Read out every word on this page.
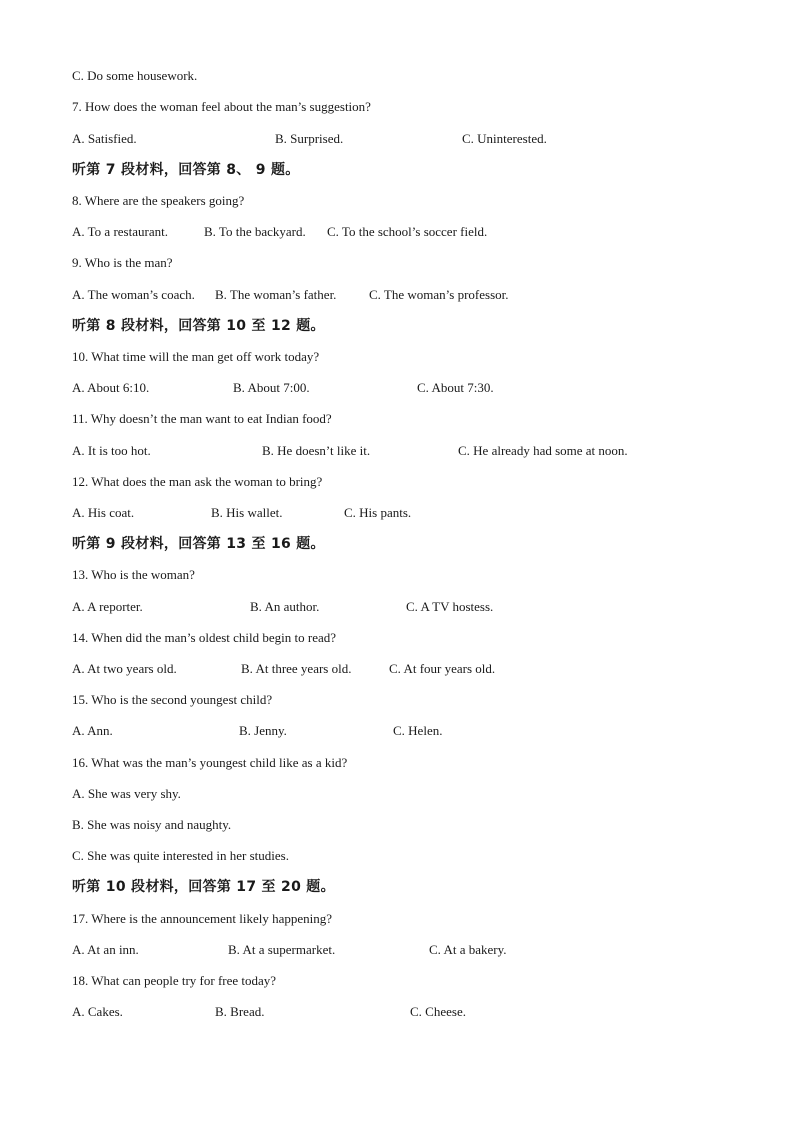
C. Do some housework.
7. How does the woman feel about the man’s suggestion?
A. Satisfied.	B. Surprised.	C. Uninterested.
听第 7 段材料，回答第 8、 9 题。
8. Where are the speakers going?
A. To a restaurant.	B. To the backyard. C. To the school’s soccer field.
9. Who is the man?
A. The woman’s coach. B. The woman’s father.	C. The woman’s professor.
听第 8 段材料，回答第 10 至 12 题。
10. What time will the man get off work today?
A. About 6:10.	B. About 7:00.	C. About 7:30.
11. Why doesn’t the man want to eat Indian food?
A. It is too hot.	B. He doesn’t like it.	C. He already had some at noon.
12. What does the man ask the woman to bring?
A. His coat.	B. His wallet.	C. His pants.
听第 9 段材料，回答第 13 至 16 题。
13. Who is the woman?
A. A reporter.	B. An author.	C. A TV hostess.
14. When did the man’s oldest child begin to read?
A. At two years old.	B. At three years old.	C. At four years old.
15. Who is the second youngest child?
A. Ann.	B. Jenny.	C. Helen.
16. What was the man’s youngest child like as a kid?
A. She was very shy.
B. She was noisy and naughty.
C. She was quite interested in her studies.
听第 10 段材料，回答第 17 至 20 题。
17. Where is the announcement likely happening?
A. At an inn.	B. At a supermarket.	C. At a bakery.
18. What can people try for free today?
A. Cakes.	B. Bread.	C. Cheese.
